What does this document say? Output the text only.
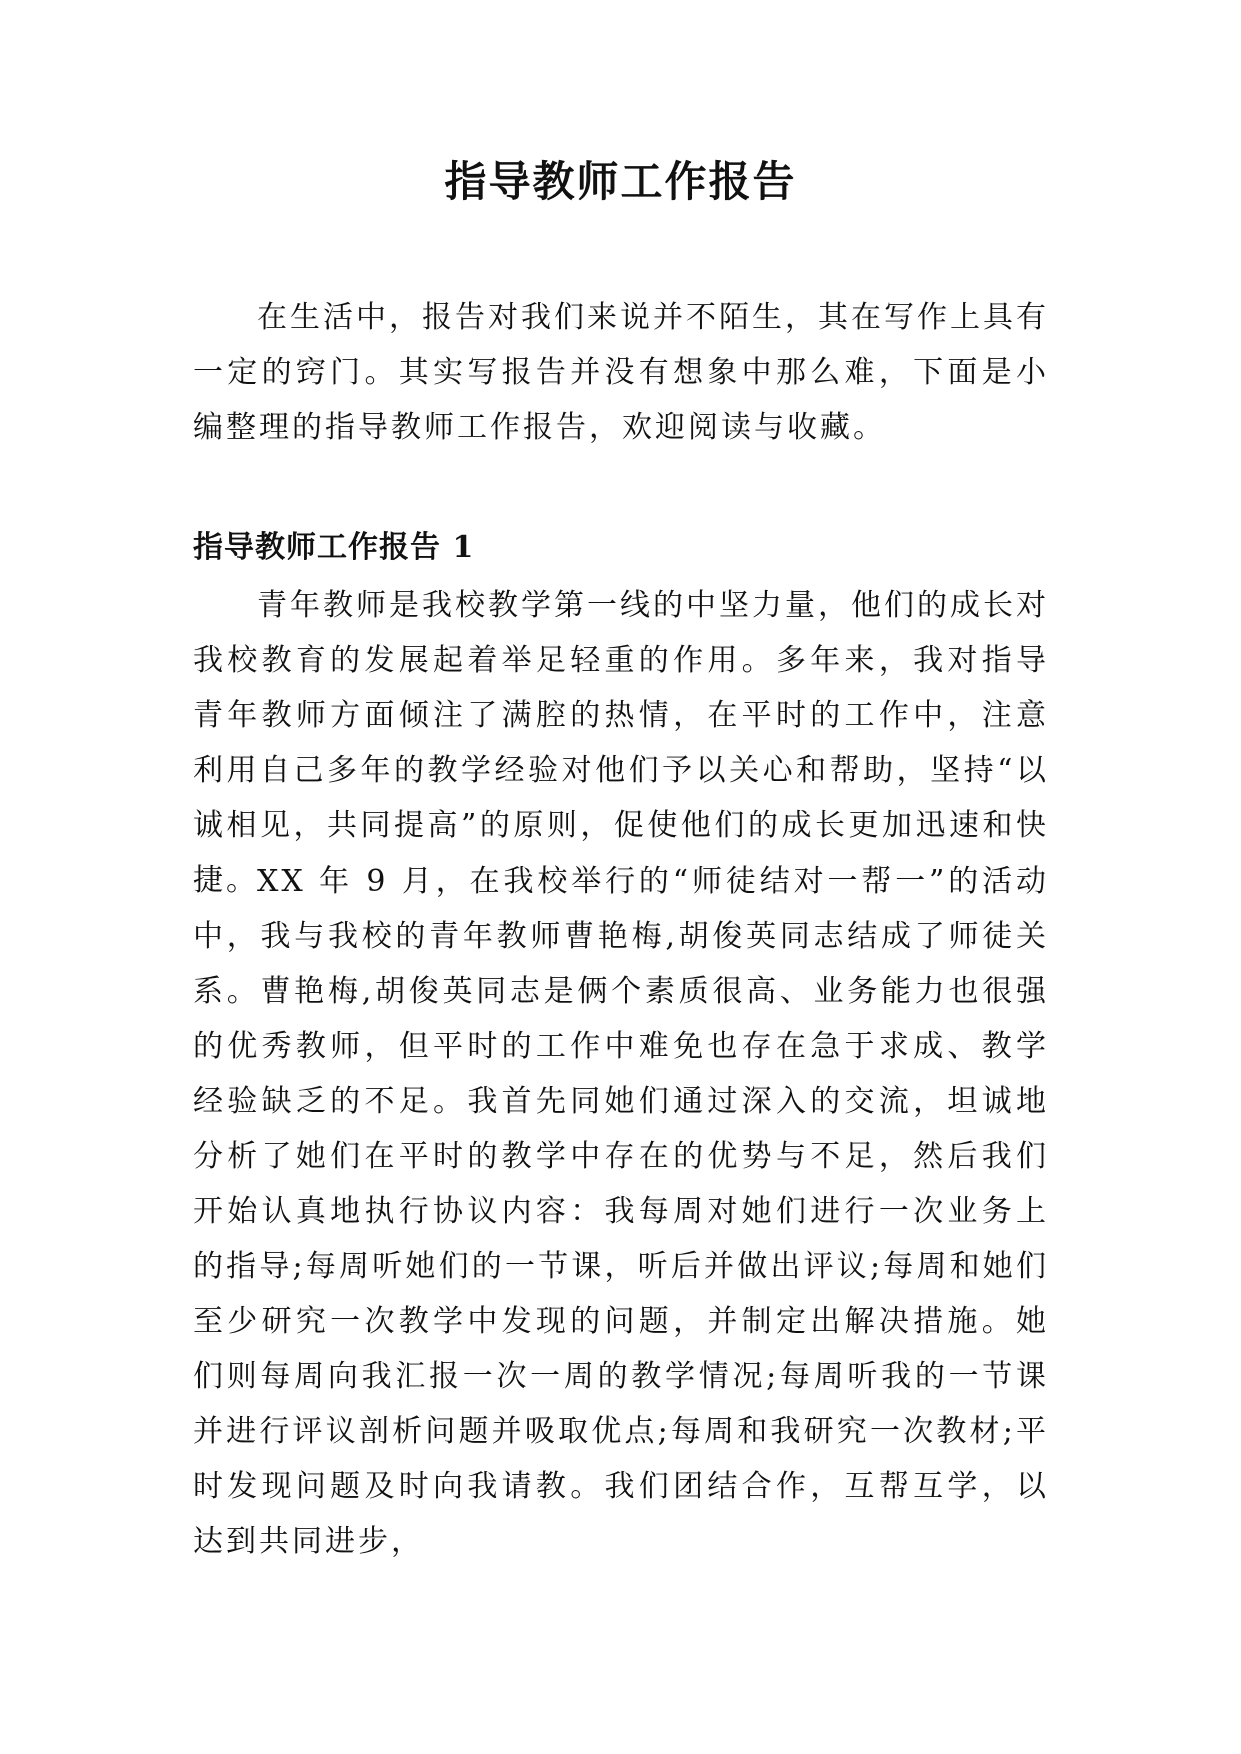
指导教师工作报告

在生活中，报告对我们来说并不陌生，其在写作上具有一定的窍门。其实写报告并没有想象中那么难，下面是小编整理的指导教师工作报告，欢迎阅读与收藏。

指导教师工作报告 1

青年教师是我校教学第一线的中坚力量，他们的成长对我校教育的发展起着举足轻重的作用。多年来，我对指导青年教师方面倾注了满腔的热情，在平时的工作中，注意利用自己多年的教学经验对他们予以关心和帮助，坚持“以诚相见，共同提高”的原则，促使他们的成长更加迅速和快捷。

XX 年 9 月，在我校举行的“师徒结对一帮一”的活动中，我与我校的青年教师曹艳梅,胡俊英同志结成了师徒关系。曹艳梅,胡俊英同志是俩个素质很高、业务能力也很强的优秀教师，但平时的工作中难免也存在急于求成、教学经验缺乏的不足。我首先同她们通过深入的交流，坦诚地分析了她们在平时的教学中存在的优势与不足，然后我们开始认真地执行协议内容：我每周对她们进行一次业务上的指导;每周听她们的一节课，听后并做出评议;每周和她们至少研究一次教学中发现的问题，并制定出解决措施。她们则每周向我汇报一次一周的教学情况;每周听我的一节课并进行评议剖析问题并吸取优点;每周和我研究一次教材;平时发现问题及时向我请教。我们团结合作，互帮互学，以达到共同进步，
